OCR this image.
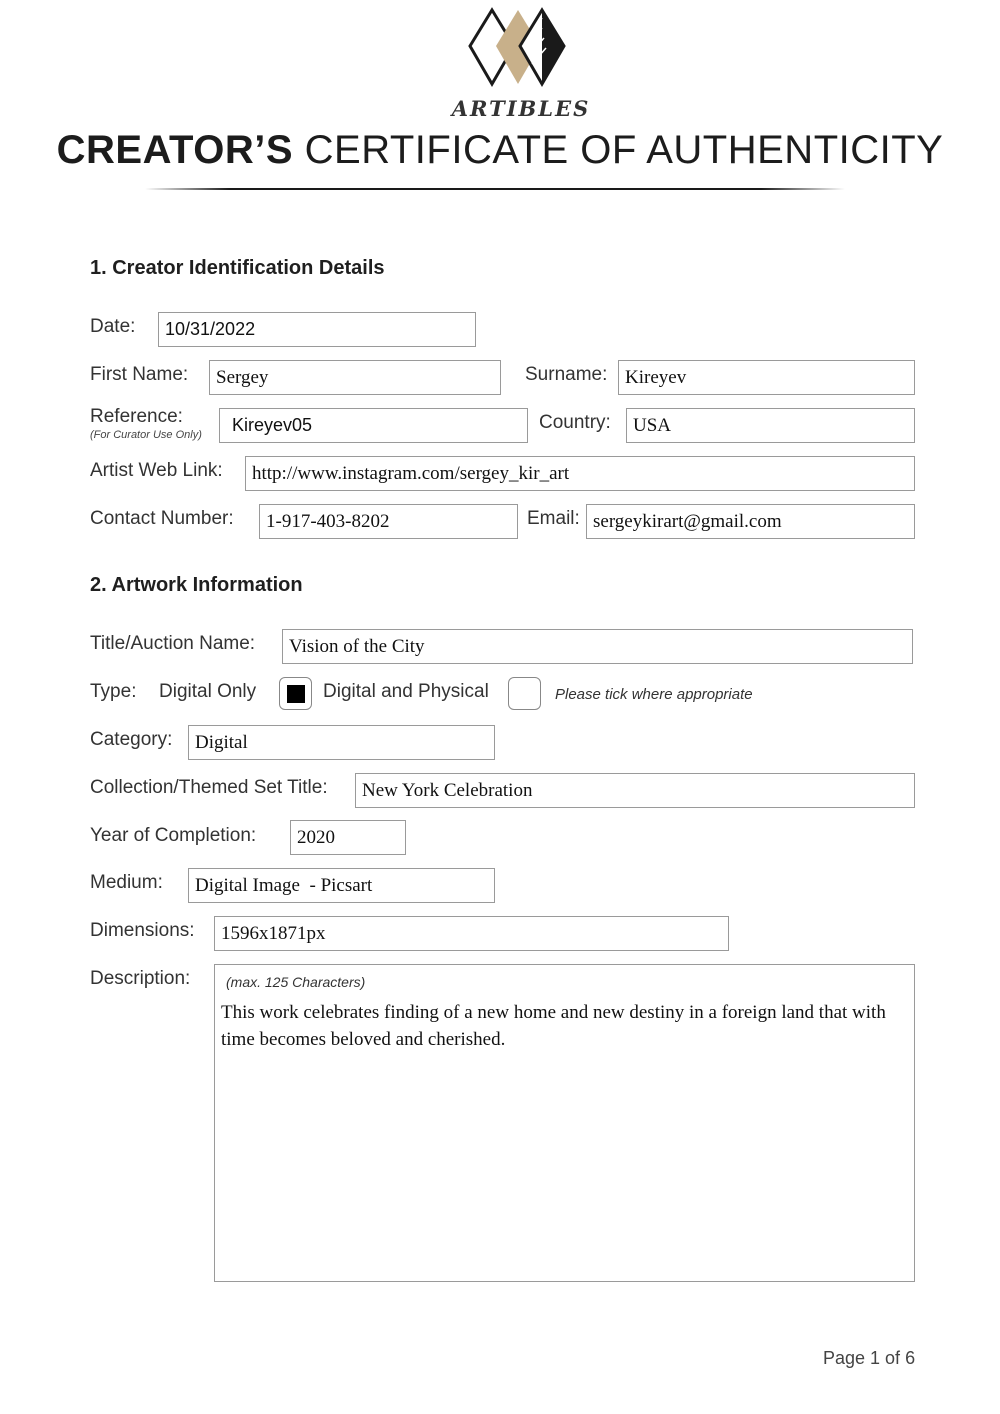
ARTIBLES
CREATOR’S CERTIFICATE OF AUTHENTICITY
1. Creator Identification Details
Date:	10/31/2022
First Name:	Sergey	Surname: Kireyev
Reference:
(For Curator Use Only)	Kireyev05	Country:	USA
Artist Web Link:	http://www.instagram.com/sergey_kir_art
Contact Number:	1-917-403-8202	Email: sergeykirart@gmail.com
2. Artwork Information
Title/Auction Name:	Vision of the City
Type: Digital Only	Digital and Physical	Please tick where appropriate
Category:	Digital
Collection/Themed Set Title:	New York Celebration
Year of Completion:	2020
Medium:	Digital Image  - Picsart
Dimensions:	1596x1871px
Description:	(max. 125 Characters)
This work celebrates finding of a new home and new destiny in a foreign land that with time becomes beloved and cherished.
Page 1 of 6
